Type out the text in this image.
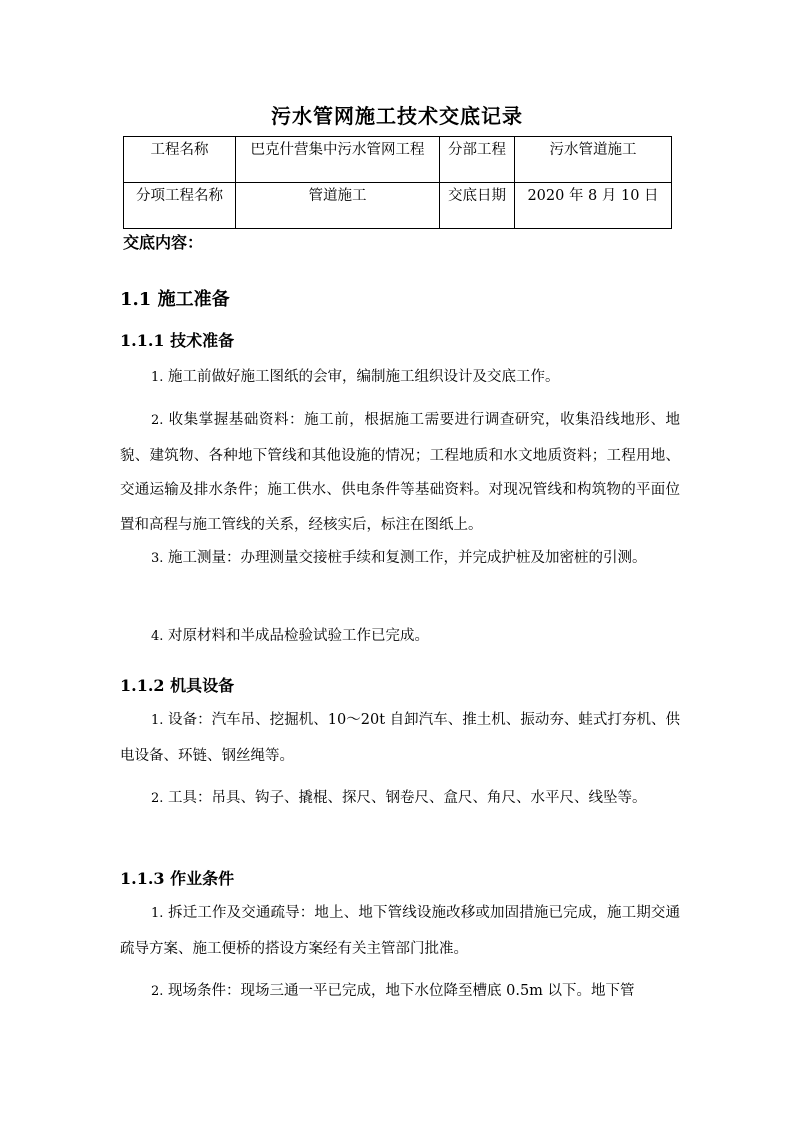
污水管网施工技术交底记录
工程名称	巴克什营集中污水管网工程	分部工程	污水管道施工
分项工程名称	管道施工	交底日期	2020 年 8 月 10 日
交底内容：
1.1 施工准备
1.1.1 技术准备

1. 施工前做好施工图纸的会审，编制施工组织设计及交底工作。

2. 收集掌握基础资料：施工前，根据施工需要进行调查研究，收集沿线地形、地貌、建筑物、各种地下管线和其他设施的情况；工程地质和水文地质资料；工程用地、交通运输及排水条件；施工供水、供电条件等基础资料。对现况管线和构筑物的平面位置和高程与施工管线的关系，经核实后，标注在图纸上。

3. 施工测量：办理测量交接桩手续和复测工作，并完成护桩及加密桩的引测。

4. 对原材料和半成品检验试验工作已完成。

1.1.2 机具设备

1. 设备：汽车吊、挖掘机、10～20t 自卸汽车、推土机、振动夯、蛙式打夯机、供电设备、环链、钢丝绳等。

2. 工具：吊具、钩子、撬棍、探尺、钢卷尺、盒尺、角尺、水平尺、线坠等。

1.1.3 作业条件

1. 拆迁工作及交通疏导：地上、地下管线设施改移或加固措施已完成，施工期交通疏导方案、施工便桥的搭设方案经有关主管部门批准。

2. 现场条件：现场三通一平已完成，地下水位降至槽底 0.5m 以下。地下管
